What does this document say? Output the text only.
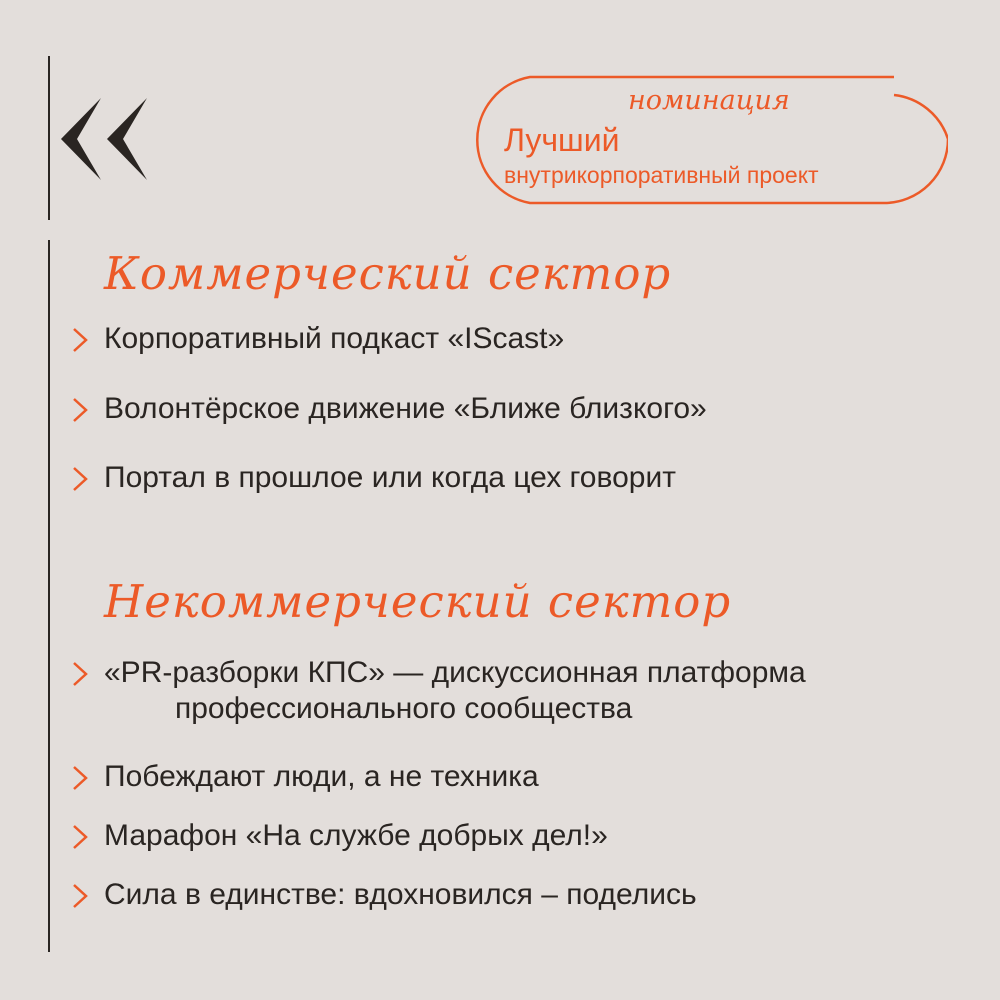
номинация
Лучший
внутрикорпоративный проект
Коммерческий сектор
Корпоративный подкаст «IScast»
Волонтёрское движение «Ближе близкого»
Портал в прошлое или когда цех говорит
Некоммерческий сектор
«PR-разборки КПС» — дискуссионная платформа
профессионального сообщества
Побеждают люди, а не техника
Марафон «На службе добрых дел!»
Сила в единстве: вдохновился – поделись
